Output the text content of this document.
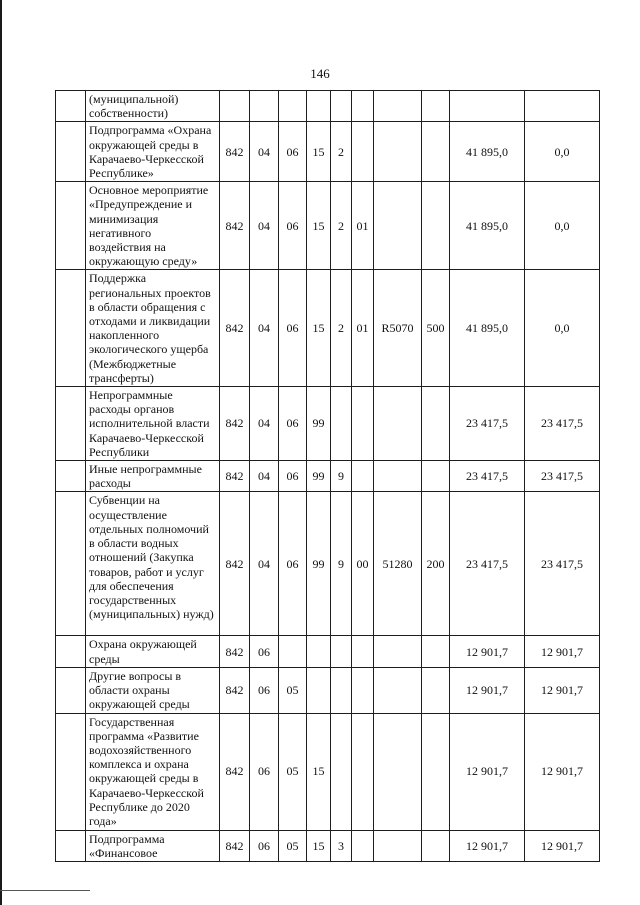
146
	(муниципальной) собственности)										
	Подпрограмма «Охрана окружающей среды в Карачаево-Черкесской Республике»	842	04	06	15	2				41 895,0	0,0
	Основное мероприятие «Предупреждение и минимизация негативного воздействия на окружающую среду»	842	04	06	15	2	01			41 895,0	0,0
	Поддержка региональных проектов в области обращения с отходами и ликвидации накопленного экологического ущерба (Межбюджетные трансферты)	842	04	06	15	2	01	R5070	500	41 895,0	0,0
	Непрограммные расходы органов исполнительной власти Карачаево-Черкесской Республики	842	04	06	99					23 417,5	23 417,5
	Иные непрограммные расходы	842	04	06	99	9				23 417,5	23 417,5
	Субвенции на осуществление отдельных полномочий в области водных отношений (Закупка товаров, работ и услуг для обеспечения государственных (муниципальных) нужд)	842	04	06	99	9	00	51280	200	23 417,5	23 417,5
	Охрана окружающей среды	842	06							12 901,7	12 901,7
	Другие вопросы в области охраны окружающей среды	842	06	05						12 901,7	12 901,7
	Государственная программа «Развитие водохозяйственного комплекса и охрана окружающей среды в Карачаево-Черкесской Республике до 2020 года»	842	06	05	15					12 901,7	12 901,7
	Подпрограмма «Финансовое	842	06	05	15	3				12 901,7	12 901,7
